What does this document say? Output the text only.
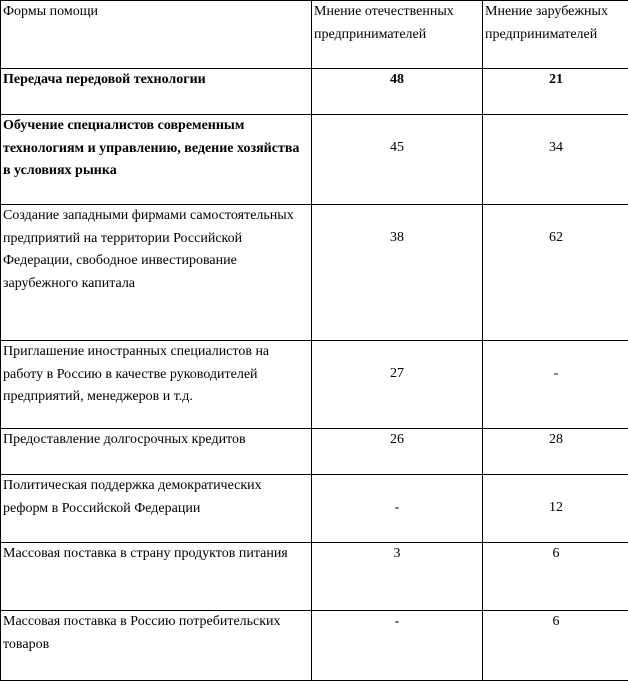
Формы помощи	Мнение отечественных предпринимателей	Мнение зарубежных предпринимателей
Передача передовой технологии	48	21
Обучение специалистов современным технологиям и управлению, ведение хозяйства в условиях рынка	45	34

Создание западными фирмами самостоятельных предприятий на территории Российской Федерации, свободное инвестирование зарубежного капитала	38	62

Приглашение иностранных специалистов на работу в Россию в качестве руководителей предприятий, менеджеров и т.д.	27	-

Предоставление долгосрочных кредитов	26	28
Политическая поддержка демократических реформ в Российской Федерации	-	12

Массовая поставка в страну продуктов питания	3	6
Массовая поставка в Россию потребительских товаров	-	6
